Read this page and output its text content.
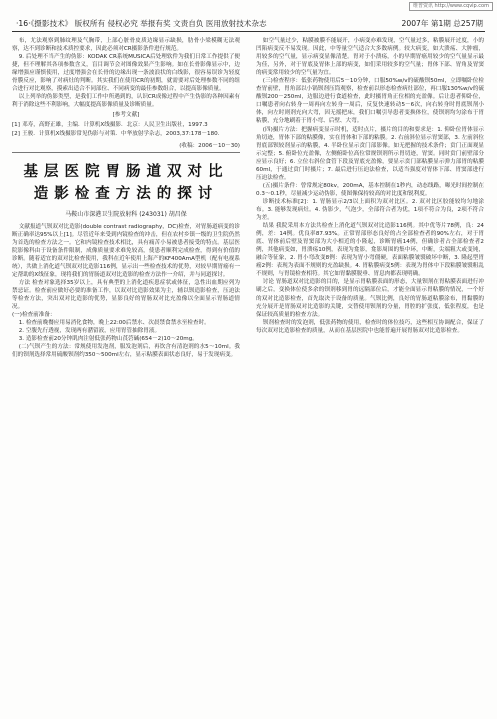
维普资讯 http://www.cqvip.com
·16·《摄影技术》 版权所有 侵权必究 举报有奖 文责自负 医用放射技术杂志	2007年 第1期 总257期

布，尤法观察到肺纹理及气胸带，上部心脏骨皮质边缘显示缺损，肋骨小梁模糊无法观察，达不到诊断和技术质控要求，因此必须对CR摄影条件进行规范。

9. 后处理不当产生的伪影：KODAK CR系统MUSICA后处理软件为我们日常工作提供了便捷，但不理解其各项参数含义，盲目调节会对图像效果产生影响。如在长骨影像显示中，边缘增强应谨慎使用，过度增强会在长骨的边缘出现一条波浪状的白线影，很容易误诊为轻度骨膜反应，影响了对病灶的判断。其实我们在使用CR的初期，就需要对后处理参数不同的组合进行对比观察，摸索出适合不同部位、不同病变的最佳参数组合，以提高影像质量。

以上列举的伪影类型，是我们工作中所遇到的，认识CR成像过程中产生伪影的各种因素有利于消除这些不利影响，大幅度提高影像质量及诊断质量。

[参考文献]

[1] 邓寿，高野正雄，主编．计算机X线摄影．北京：人民卫生出版社，1997.3

[2] 王骏．计算机X线摄影常见伪影与对策．中华放射学杂志，2003,37:178－180.

(收稿：2006－10－30)

基层医院胃肠道双对比
造影检查方法的探讨

马鞍山市深港卫生院放射科 (243031) 胡昌保

文献报道气钡双对比造影(double contrast radiography，DC)检查，对胃肠道病变的诊断正确率达95%以上[1]。尽管近年来受到内镜检查的冲击，但在农村乡镇一级的卫生院仍然为首选的检查方法之一。它和内镜检查技术相比，具有痛苦小易被患者接受的特点。基层医院影像科由于设备条件限制，成像质量要求难免较高，使患者顺利完成检查，得到有价值的诊断。随着适宜的双对比检查使用，我科在近年使用上海产的KF400AmA型机（配有电视系统），共做上消化道气钡双对比造影116例，显示出一些检查技术的优势，对较早期胃癌有一定帮助的X线征象，现将我们的胃肠道双对比造影的检查方法作一介绍，并与同道探讨。

方法 检查对象选择35岁以上，具有典型的上消化道疾患症状或体征，急性出血期应列为禁忌证。检查前应做好必要的准备工作，以双对比造影效果为主，辅以钡造影检查，压迫法等检查方法，突出双对比造影的优势，显影良好的胃肠双对比充盈像以全面显示胃肠道情况。

(一)检查前准备：

1. 检查前晚餐应用易消化食物，晚上22:00后禁水、次晨禁食禁水至检查时。

2. 空腹先行透视，发现两有潴留液，应用胃管抽除胃液。

3. 造影检查前20分钟肌肉注射低张药物山莨菪碱(654－2)10～20mg。

(二)气钡产生的方法：常规使用发泡剂，服发泡剂后，再饮含有清泡剂的水5～10ml。我们的钡剂选择常用硫酸钡剂约350～500ml左右，显示粘膜表面状态良好，易于发现病变。

如空气量过少，粘膜被膜不能展开，小病变亦难发现，空气量过多，粘膜展开过度，小的凹陷病变反不易发现。因此，中等量空气适合大多数病例。较大病变，如大溃疡、大肿瘤，用较多的空气量，显示病变显像清楚。胃对于小溃疡，小的早期胃癌用较少的空气量显示最为佳，另外，对于胃底及胃体上部的病变，如们采用较多的空气量；胃体下部、胃角及胃窦的病变常用较少的空气量为宜。

(三)检查程序：低张药物使用后5－10分钟，口服50%w/v的硫酸钡50ml，立即嘱卧位检查胃前壁，胃角部以小锅钡剂压筒观察，检查前以形态检查病灶部位，再口服130%w/v的硫酸钡200－250ml，边服边进行食道检查，此时摄胃角正位相的充盈像。后让患者仰卧位，口嘱患者向右转身一周再向左转身一周后，反复快速转动5－6次，向右转身时胃底钡剂小体，向左时则剂充向大弯，因无摇把床，我们口嘱引导患者变换体位，使钡剂均匀涂布于胃粘膜，充分地刷着于胃小弯、后壁、大弯。

(四)摄片方法：把握病变显示时机，适时点片，摄片的目的和要求是：1. 仰卧位胃体显示角切迹，胃体下部的粘膜像，实在胃体和下部的粘膜。2. 右前斜位显示胃窦部，3. 左前斜位胃底部钡较剂显示的粘膜，4. 半卧位显示贲门部影像。如无把握的技术条件；贲门正面观显示完整；5. 俯卧位充盈像，左侧俯卧位高位常规钡剂所示胃切迹，胃窦。同时贲门前壁部分应显示良好；6. 立位右斜位食管下段及胃底充盈像，要显示贲门部粘膜显示弹力部胃的粘膜60ml，于通过贲门时摄片；7. 最后进行压迫法检查，以适当强度对胃体下部、胃窦部进行压迫法检查。

(五)摄片条件：曾常规定80kv，200mA，基本控制在1秒内，动态线路，曝光时间控制在0.3～0.1秒，尽量减少运动伪影，使图像保持较高的对比度和锐利度。

诊断技术标准[2]：1. 胃肠显示2/3以上面积为双对比区。2. 双对比区胶能较均匀地涂布。3. 能够发现病灶。4. 伪影少，气泡少，全部符合者为优，1项不符合为良，2项不符合为差。

结果 我院采用本方法共检查上消化道气钡双对比造影116例。其中优等片78例，良：24例，差：14例。优良率87.93%。正常胃部形态良好的占全部检查者的90%左右，对于胃底、胃体前后壁及胃窦部为大小相近的小隆起，诊断胃癌14例，但确诊者占全部检查者2例，其他病变如，胃溃疡10例，表现为龛影，龛影周围的集中环，中断，尖端粗大或变钝，融合等征象，2. 胃小弯改变8例：表现为胃小弯僵硬，表面粘膜皱襞破坏中断，3. 隆起型胃癌2例：表现为表面不规则的充盈缺损。4. 胃粘膜病变5例：表现为胃体中下段粘膜皱襞粗乱不规则，与胃镜检查相符。其它如胃黏膜脱垂、胃息肉都表现明确。

讨论 胃肠道双对比造影的目的，是显示胃粘膜表面的形态，大量钡剂在胃粘膜表面进行冲刷之后，变换体位使多余的钡剂移到胃的远隔部位后，才能全面显示胃粘膜的情况，一个好的双对比造影检查，首先取决于设备的质量。气钡比例，良好的胃肠道粘膜涂布，胃黏膜的充分展开是胃肠双对比造影的关键，交替使用钡剂的分量，胃腔的扩张度，低张程度，也是保证较高质量的检查方法。

钡剂检查时的发泡剂，低张药物的使用，检查时的体位技巧，这些相互协调配合，保证了每次双对比造影检查的质量，从而在基层医院中也能普遍开展胃肠双对比造影检查。
